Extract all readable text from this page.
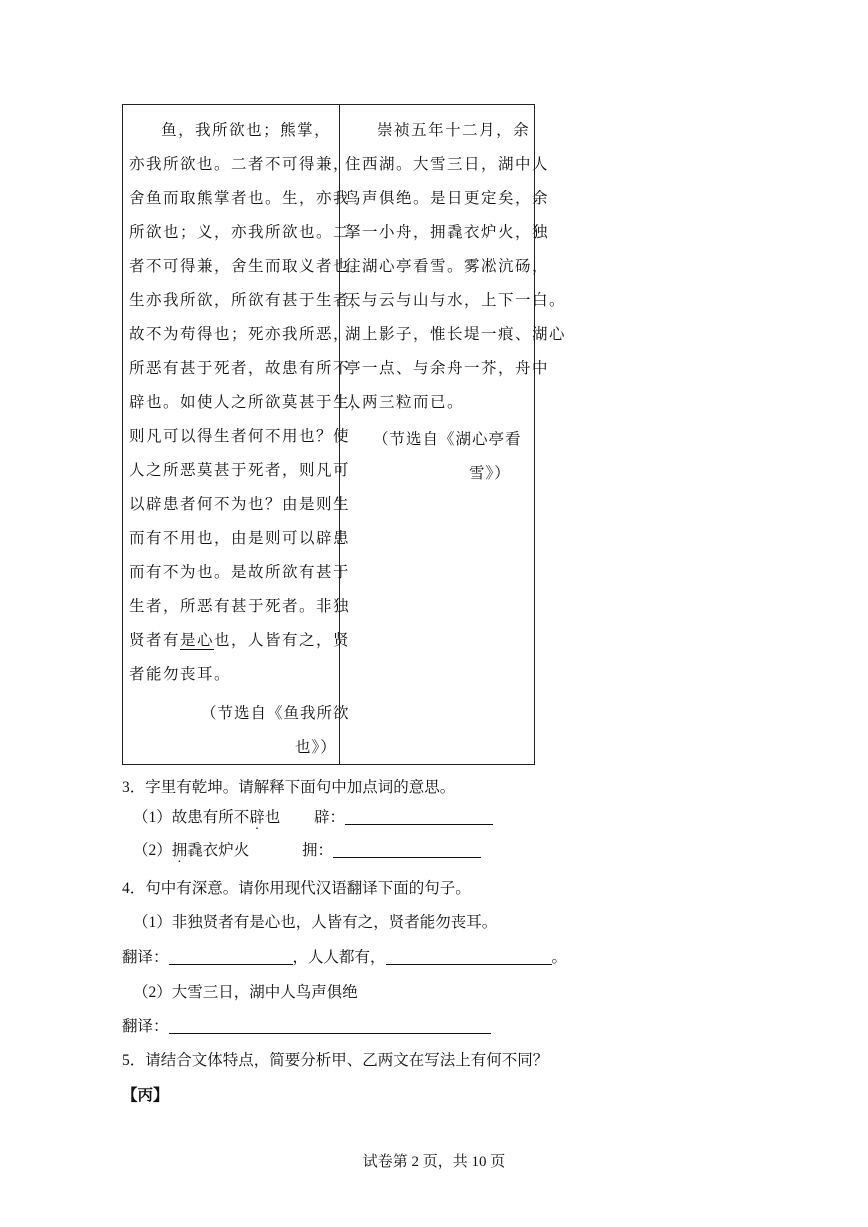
鱼，我所欲也；熊掌，
亦我所欲也。二者不可得兼，
舍鱼而取熊掌者也。生，亦我
所欲也；义，亦我所欲也。二
者不可得兼，舍生而取义者也。
生亦我所欲，所欲有甚于生者，
故不为苟得也；死亦我所恶，
所恶有甚于死者，故患有所不
辟也。如使人之所欲莫甚于生，
则凡可以得生者何不用也？使
人之所恶莫甚于死者，则凡可
以辟患者何不为也？由是则生
而有不用也，由是则可以辟患
而有不为也。是故所欲有甚于
生者，所恶有甚于死者。非独
贤者有是心也，人皆有之，贤
者能勿丧耳。
（节选自《鱼我所欲
也》）
崇祯五年十二月，余
住西湖。大雪三日，湖中人
鸟声俱绝。是日更定矣，余
拏一小舟，拥毳衣炉火，独
往湖心亭看雪。雾凇沆砀，
天与云与山与水，上下一白。
湖上影子，惟长堤一痕、湖心
亭一点、与余舟一芥，舟中
人两三粒而已。
（节选自《湖心亭看
雪》）
3．字里有乾坤。请解释下面句中加点词的意思。
（1）故患有所不辟也 辟：
（2）拥毳衣炉火	拥：
4．句中有深意。请你用现代汉语翻译下面的句子。
（1）非独贤者有是心也，人皆有之，贤者能勿丧耳。
翻译：	，人人都有，	。
（2）大雪三日，湖中人鸟声俱绝
翻译：
5．请结合文体特点，简要分析甲、乙两文在写法上有何不同？
【丙】
试卷第 2 页，共 10 页
